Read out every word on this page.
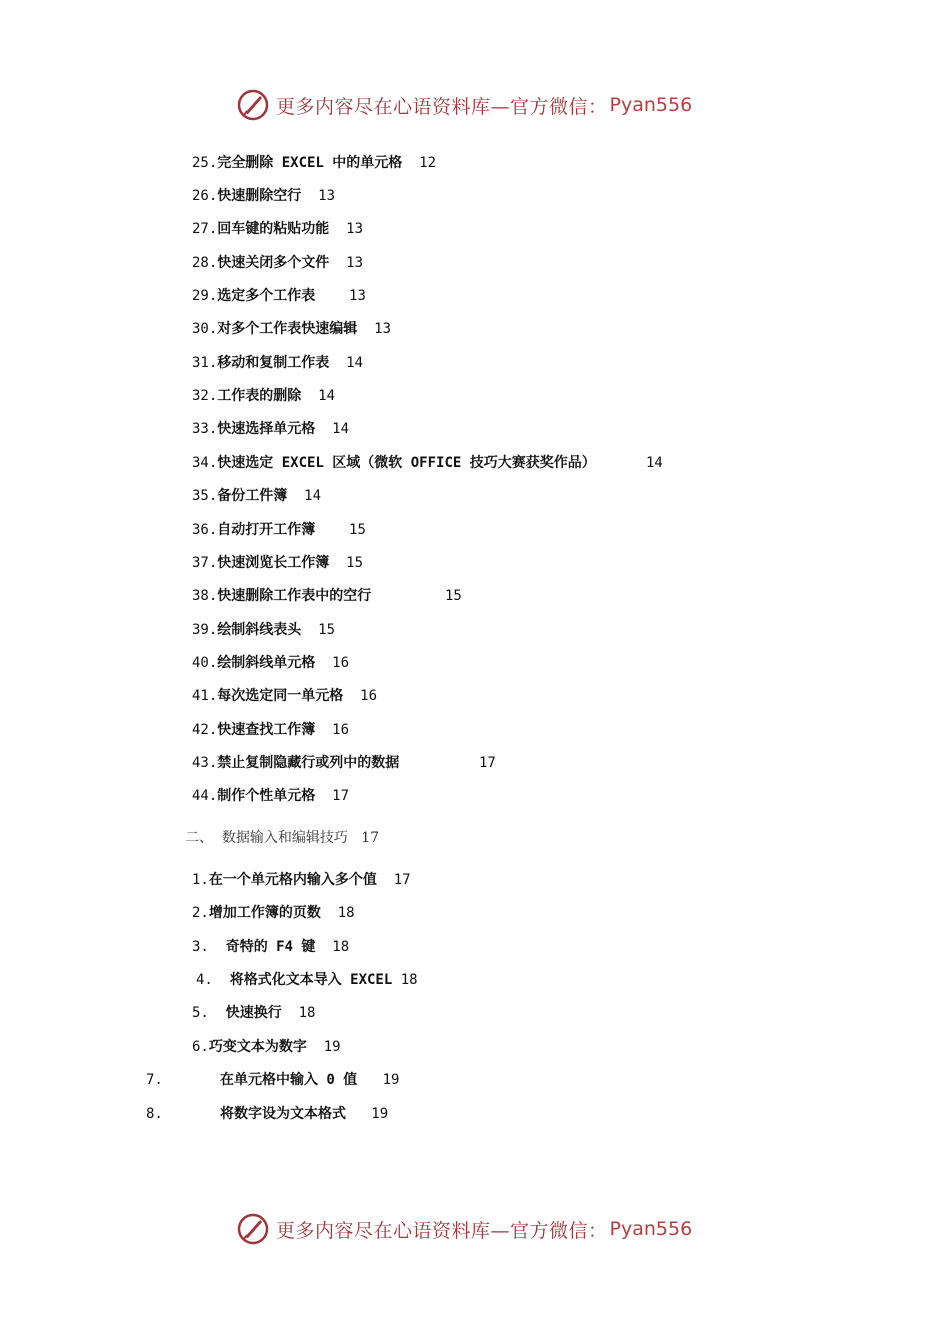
更多内容尽在心语资料库—官方微信： Pyan556
25.完全删除 EXCEL 中的单元格 12
26.快速删除空行 13
27.回车键的粘贴功能 13
28.快速关闭多个文件 13
29.选定多个工作表 13
30.对多个工作表快速编辑 13
31.移动和复制工作表 14
32.工作表的删除 14
33.快速选择单元格 14
34.快速选定 EXCEL 区域（微软 OFFICE 技巧大赛获奖作品）	14
35.备份工件簿 14
36.自动打开工作簿 15
37.快速浏览长工作簿 15
38.快速删除工作表中的空行	15
39.绘制斜线表头 15
40.绘制斜线单元格 16
41.每次选定同一单元格 16
42.快速查找工作簿 16
43.禁止复制隐藏行或列中的数据	17
44.制作个性单元格 17
二、 数据输入和编辑技巧 17
1.在一个单元格内输入多个值 17
2.增加工作簿的页数 18
3. 奇特的 F4 键 18
4. 将格式化文本导入 EXCEL 18
5. 快速换行 18
6.巧变文本为数字 19
7.	在单元格中输入 0 值 19
8.	将数字设为文本格式 19
更多内容尽在心语资料库—官方微信： Pyan556
